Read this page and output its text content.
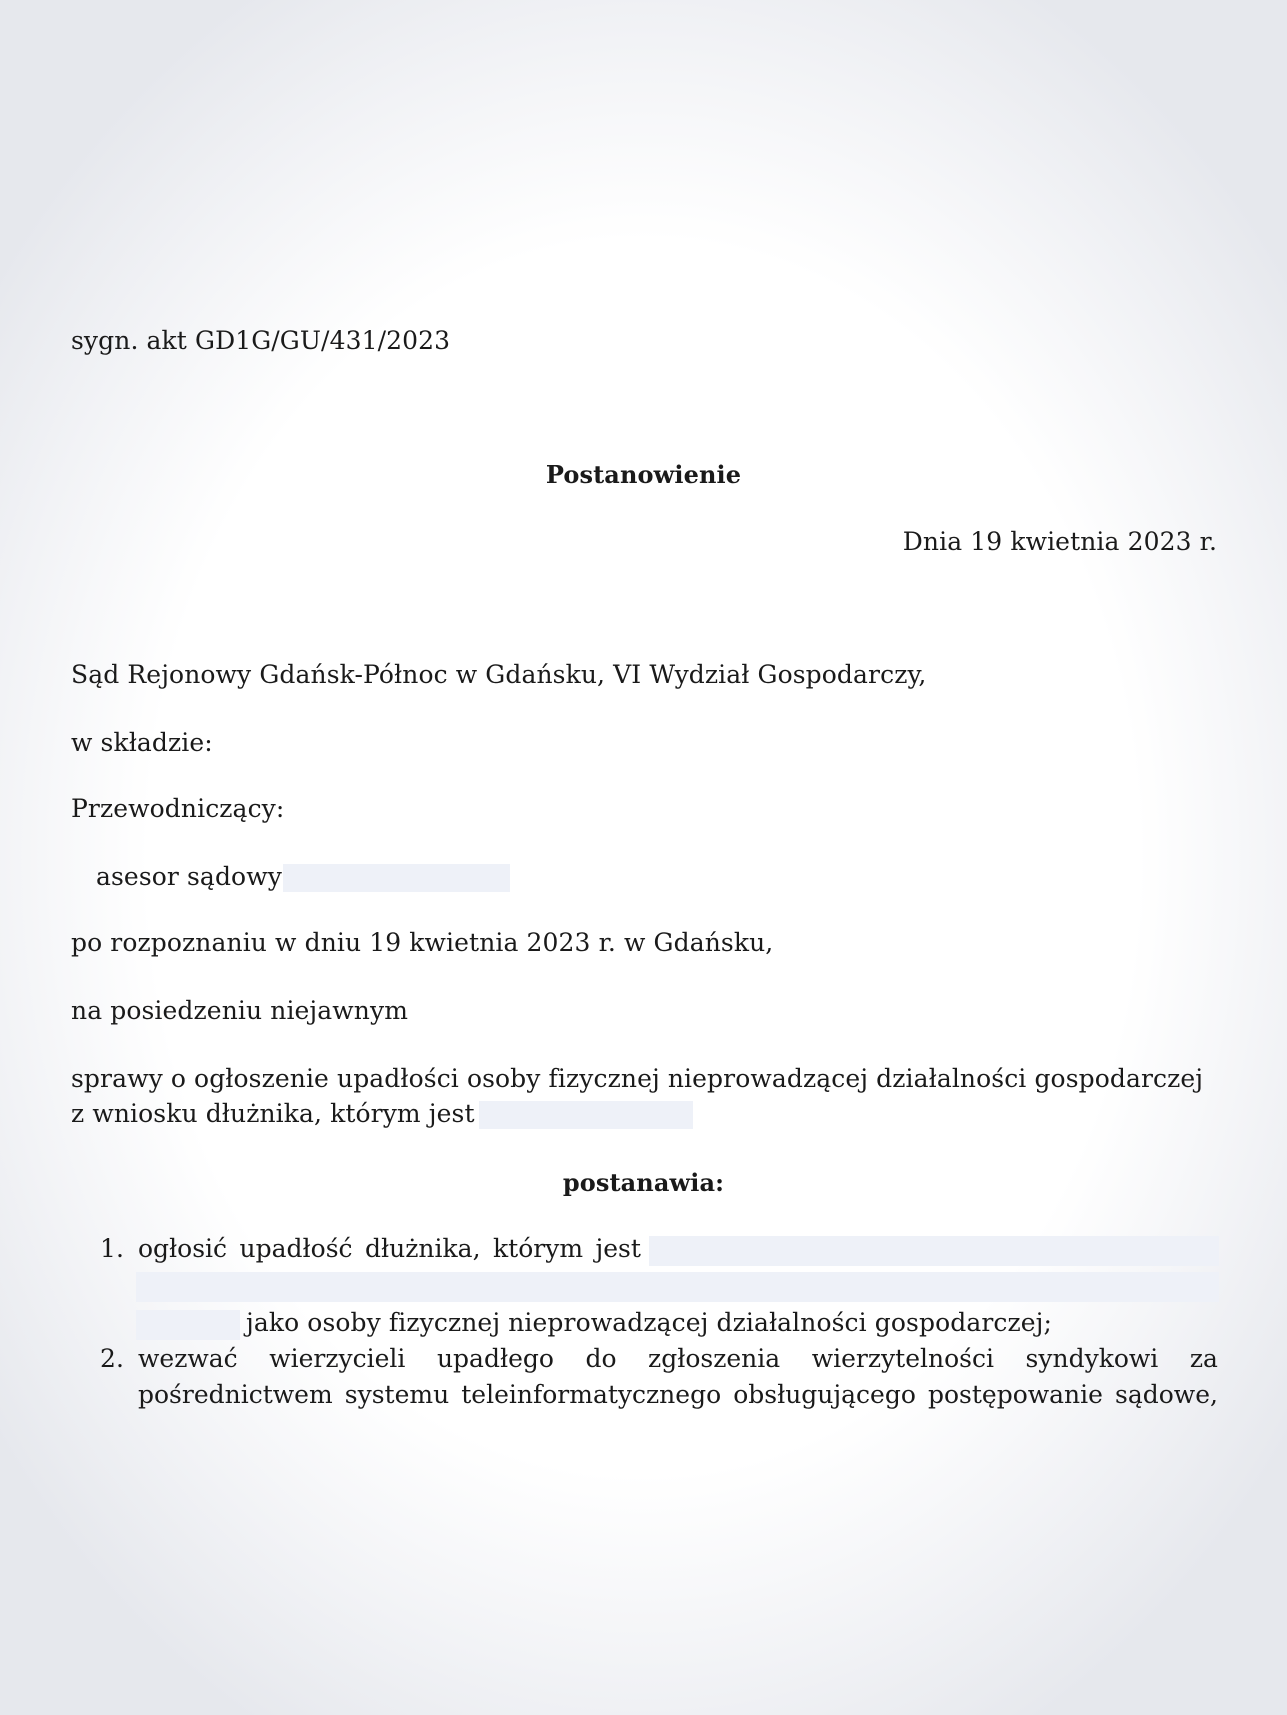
sygn. akt GD1G/GU/431/2023
Postanowienie
Dnia 19 kwietnia 2023 r.
Sąd Rejonowy Gdańsk-Północ w Gdańsku, VI Wydział Gospodarczy,
w składzie:
Przewodniczący:
asesor sądowy
po rozpoznaniu w dniu 19 kwietnia 2023 r. w Gdańsku,
na posiedzeniu niejawnym
sprawy o ogłoszenie upadłości osoby fizycznej nieprowadzącej działalności gospodarczej
z wniosku dłużnika, którym jest
postanawia:
1. ogłosić upadłość dłużnika, którym jest
jako osoby fizycznej nieprowadzącej działalności gospodarczej;
2. wezwać wierzycieli upadłego do zgłoszenia wierzytelności syndykowi za
pośrednictwem systemu teleinformatycznego obsługującego postępowanie sądowe,
